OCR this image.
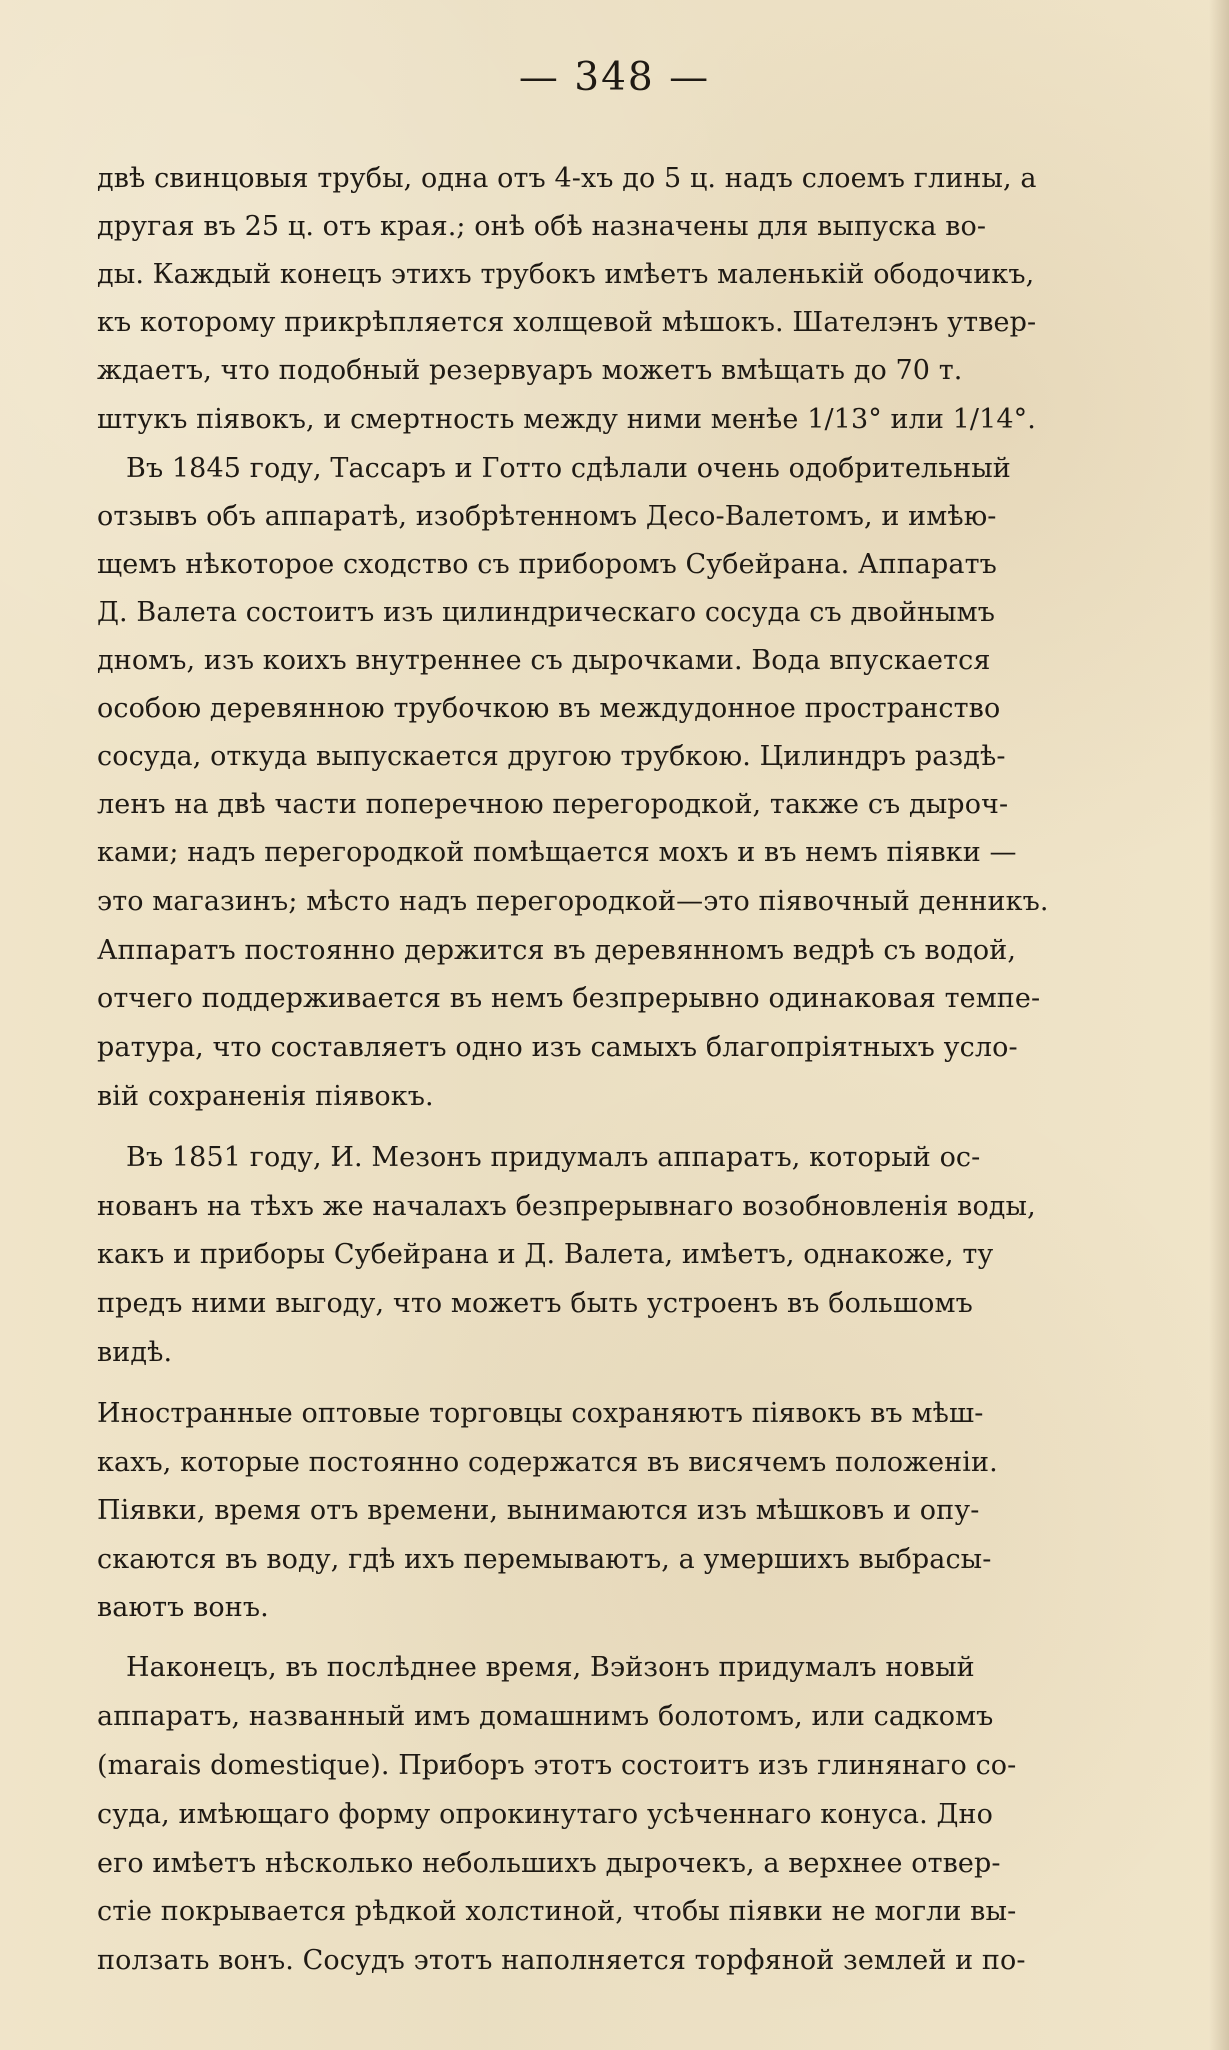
— 348 —
двѣ свинцовыя трубы, одна отъ 4-хъ до 5 ц. надъ слоемъ глины, а
другая въ 25 ц. отъ края.; онѣ обѣ назначены для выпуска во-
ды. Каждый конецъ этихъ трубокъ имѣетъ маленькій ободочикъ,
къ которому прикрѣпляется холщевой мѣшокъ. Шателэнъ утвер-
ждаетъ, что подобный резервуаръ можетъ вмѣщать до 70 т.
штукъ піявокъ, и смертность между ними менѣе 1/13° или 1/14°.
Въ 1845 году, Тассаръ и Готто сдѣлали очень одобрительный
отзывъ объ аппаратѣ, изобрѣтенномъ Десо-Валетомъ, и имѣю-
щемъ нѣкоторое сходство съ приборомъ Субейрана. Аппаратъ
Д. Валета состоитъ изъ цилиндрическаго сосуда съ двойнымъ
дномъ, изъ коихъ внутреннее съ дырочками. Вода впускается
особою деревянною трубочкою въ междудонное пространство
сосуда, откуда выпускается другою трубкою. Цилиндръ раздѣ-
ленъ на двѣ части поперечною перегородкой, также съ дыроч-
ками; надъ перегородкой помѣщается мохъ и въ немъ піявки —
это магазинъ; мѣсто надъ перегородкой—это піявочный денникъ.
Аппаратъ постоянно держится въ деревянномъ ведрѣ съ водой,
отчего поддерживается въ немъ безпрерывно одинаковая темпе-
ратура, что составляетъ одно изъ самыхъ благопріятныхъ усло-
вій сохраненія піявокъ.
Въ 1851 году, И. Мезонъ придумалъ аппаратъ, который ос-
нованъ на тѣхъ же началахъ безпрерывнаго возобновленія воды,
какъ и приборы Субейрана и Д. Валета, имѣетъ, однакоже, ту
предъ ними выгоду, что можетъ быть устроенъ въ большомъ
видѣ.
Иностранные оптовые торговцы сохраняютъ піявокъ въ мѣш-
кахъ, которые постоянно содержатся въ висячемъ положеніи.
Піявки, время отъ времени, вынимаются изъ мѣшковъ и опу-
скаются въ воду, гдѣ ихъ перемываютъ, а умершихъ выбрасы-
ваютъ вонъ.
Наконецъ, въ послѣднее время, Вэйзонъ придумалъ новый
аппаратъ, названный имъ домашнимъ болотомъ, или садкомъ
(marais domestique). Приборъ этотъ состоитъ изъ глинянаго со-
суда, имѣющаго форму опрокинутаго усѣченнаго конуса. Дно
его имѣетъ нѣсколько небольшихъ дырочекъ, а верхнее отвер-
стіе покрывается рѣдкой холстиной, чтобы піявки не могли вы-
ползать вонъ. Сосудъ этотъ наполняется торфяной землей и по-
